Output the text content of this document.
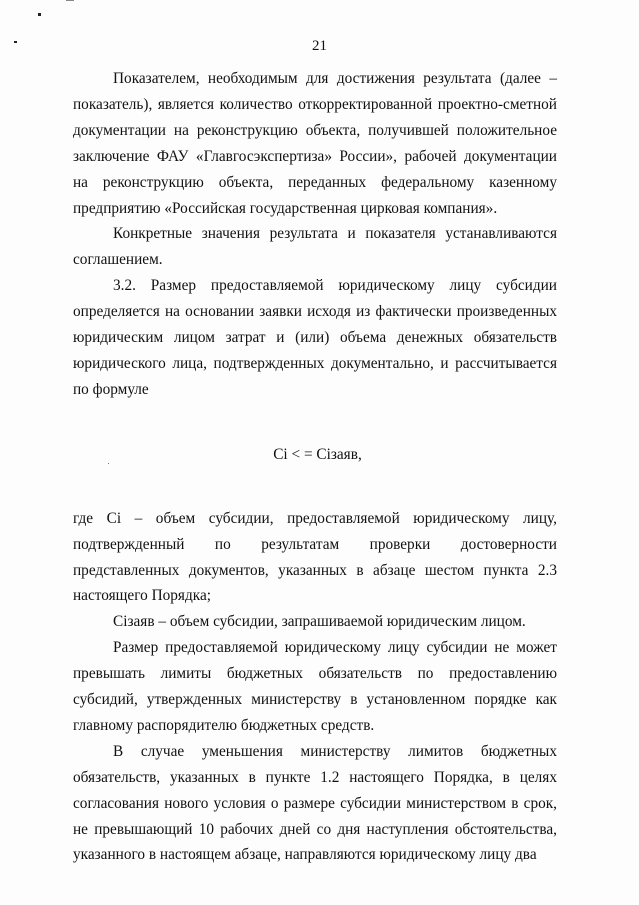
21

Показателем, необходимым для достижения результата (далее – показатель), является количество откорректированной проектно-сметной документации на реконструкцию объекта, получившей положительное заключение ФАУ «Главгосэкспертиза» России», рабочей документации на реконструкцию объекта, переданных федеральному казенному предприятию «Российская государственная цирковая компания».

Конкретные значения результата и показателя устанавливаются соглашением.

3.2. Размер предоставляемой юридическому лицу субсидии определяется на основании заявки исходя из фактически произведенных юридическим лицом затрат и (или) объема денежных обязательств юридического лица, подтвержденных документально, и рассчитывается по формуле

Ci < = Ciзаяв,

где Ci – объем субсидии, предоставляемой юридическому лицу, подтвержденный по результатам проверки достоверности представленных документов, указанных в абзаце шестом пункта 2.3 настоящего Порядка;

Ciзаяв – объем субсидии, запрашиваемой юридическим лицом.

Размер предоставляемой юридическому лицу субсидии не может превышать лимиты бюджетных обязательств по предоставлению субсидий, утвержденных министерству в установленном порядке как главному распорядителю бюджетных средств.

В случае уменьшения министерству лимитов бюджетных обязательств, указанных в пункте 1.2 настоящего Порядка, в целях согласования нового условия о размере субсидии министерством в срок, не превышающий 10 рабочих дней со дня наступления обстоятельства, указанного в настоящем абзаце, направляются юридическому лицу два
